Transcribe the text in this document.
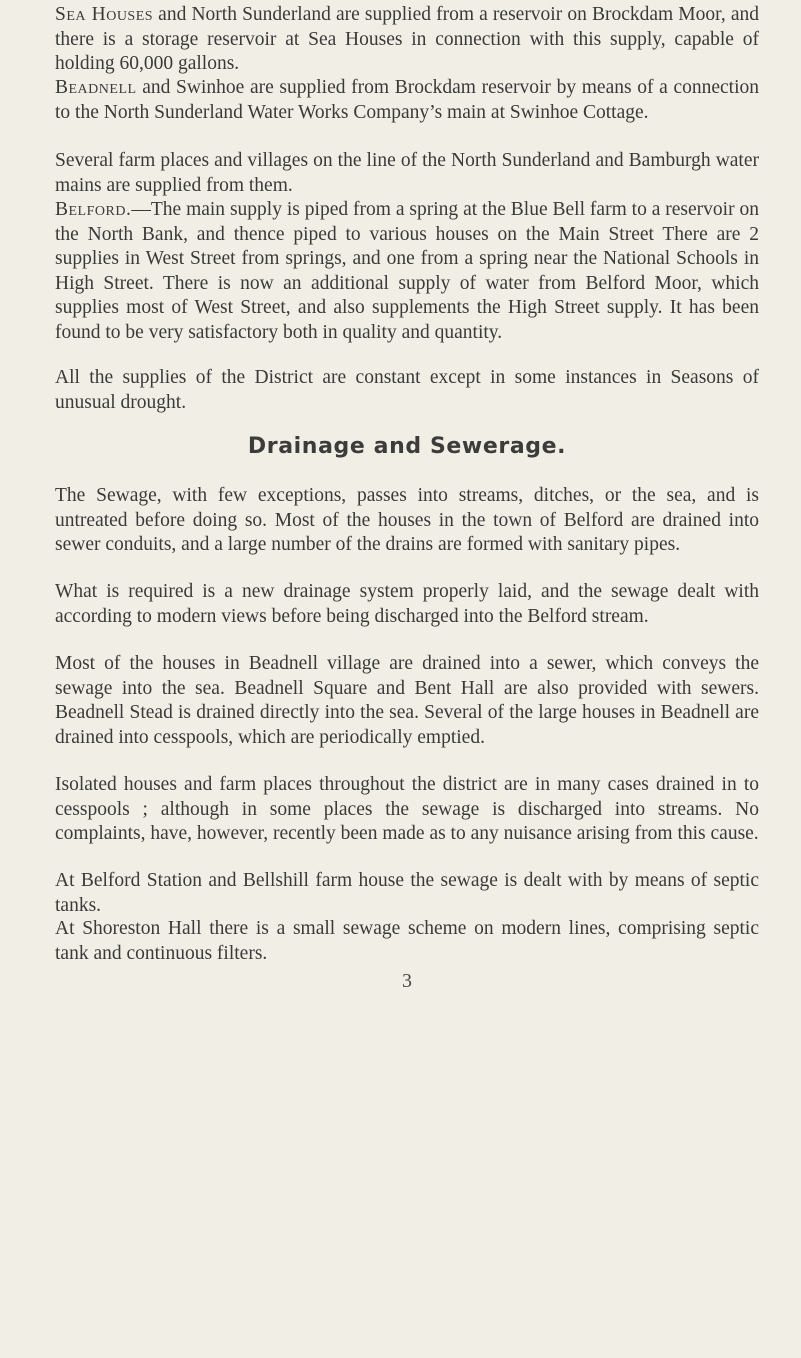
Sea Houses and North Sunderland are supplied from a reservoir on Brockdam Moor, and there is a storage reservoir at Sea Houses in connection with this supply, capable of holding 60,000 gallons.

Beadnell and Swinhoe are supplied from Brockdam reservoir by means of a connection to the North Sunderland Water Works Company’s main at Swinhoe Cottage.

Several farm places and villages on the line of the North Sunderland and Bamburgh water mains are supplied from them.

Belford.—The main supply is piped from a spring at the Blue Bell farm to a reservoir on the North Bank, and thence piped to various houses on the Main Street There are 2 supplies in West Street from springs, and one from a spring near the National Schools in High Street. There is now an additional supply of water from Belford Moor, which supplies most of West Street, and also supplements the High Street supply. It has been found to be very satisfactory both in quality and quantity.

All the supplies of the District are constant except in some instances in Seasons of unusual drought.

Drainage and Sewerage.

The Sewage, with few exceptions, passes into streams, ditches, or the sea, and is untreated before doing so. Most of the houses in the town of Belford are drained into sewer conduits, and a large number of the drains are formed with sanitary pipes.

What is required is a new drainage system properly laid, and the sewage dealt with according to modern views before being discharged into the Belford stream.

Most of the houses in Beadnell village are drained into a sewer, which conveys the sewage into the sea. Beadnell Square and Bent Hall are also provided with sewers. Beadnell Stead is drained directly into the sea. Several of the large houses in Beadnell are drained into cesspools, which are periodically emptied.

Isolated houses and farm places throughout the district are in many cases drained in to cesspools ; although in some places the sewage is discharged into streams. No complaints, have, however, recently been made as to any nuisance arising from this cause.

At Belford Station and Bellshill farm house the sewage is dealt with by means of septic tanks.

At Shoreston Hall there is a small sewage scheme on modern lines, comprising septic tank and continuous filters.

3
